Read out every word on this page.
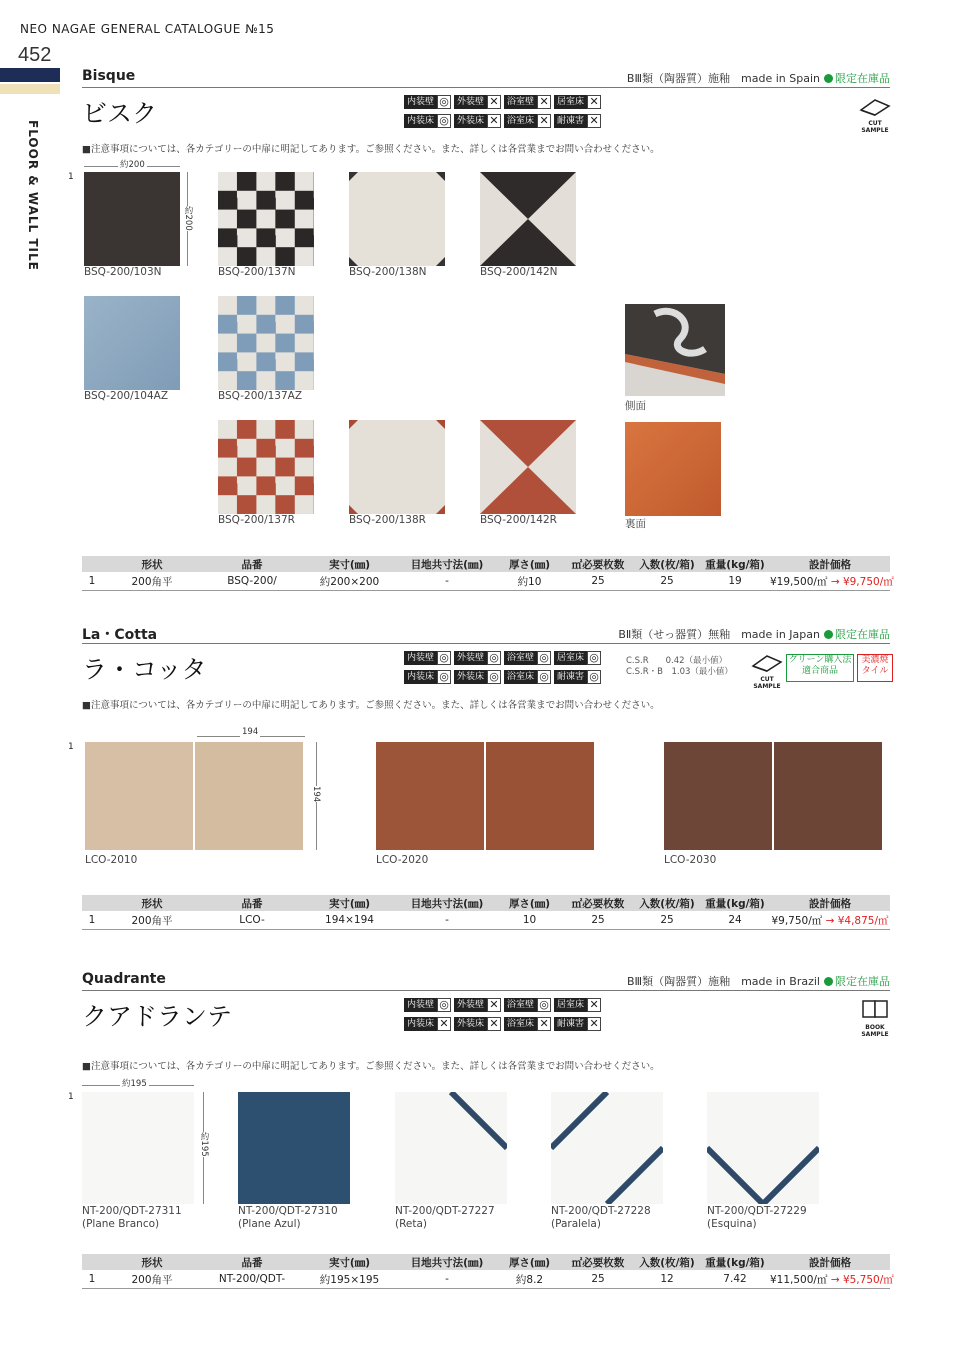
NEO NAGAE GENERAL CATALOGUE №15
452
FLOOR & WALL TILE
Bisque	BⅢ類（陶器質）施釉　made in Spain 限定在庫品
ビスク	内装壁 ◎ 外装壁 ✕ 浴室壁 ✕ 居室床 ✕
内装床 ◎ 外装床 ✕ 浴室床 ✕ 耐凍害 ✕	CUT SAMPLE
■注意事項については、各カテゴリーの中扉に明記してあります。ご参照ください。また、詳しくは各営業までお問い合わせください。
1
約200
約200
BSQ-200/103N	BSQ-200/137N	BSQ-200/138N	BSQ-200/142N
BSQ-200/104AZ	BSQ-200/137AZ
側面
BSQ-200/137R	BSQ-200/138R	BSQ-200/142R	裏面
形状	品番	実寸(㎜)	目地共寸法(㎜)	厚さ(㎜)	㎡必要枚数	入数(枚/箱)	重量(kg/箱)	設計価格
1	200角平	BSQ-200/	約200×200	-	約10	25	25	19	¥19,500/㎡ → ¥9,750/㎡
La・Cotta	BⅡ類（せっ器質）無釉　made in Japan 限定在庫品
ラ・コッタ	内装壁 ◎ 外装壁 ◎ 浴室壁 ◎ 居室床 ◎
内装床 ◎ 外装床 ◎ 浴室床 ◎ 耐凍害 ◎
C.S.R　　0.42（最小値）
C.S.R・B　1.03（最小値）
CUT SAMPLE
グリーン購入法
適合商品
美濃焼
タイル
■注意事項については、各カテゴリーの中扉に明記してあります。ご参照ください。また、詳しくは各営業までお問い合わせください。
1
194
194
LCO-2010	LCO-2020	LCO-2030
形状	品番	実寸(㎜)	目地共寸法(㎜)	厚さ(㎜)	㎡必要枚数	入数(枚/箱)	重量(kg/箱)	設計価格
1	200角平	LCO-	194×194	-	10	25	25	24	¥9,750/㎡ → ¥4,875/㎡
Quadrante	BⅢ類（陶器質）施釉　made in Brazil 限定在庫品
クアドランテ	内装壁 ◎ 外装壁 ✕ 浴室壁 ◎ 居室床 ✕
内装床 ✕ 外装床 ✕ 浴室床 ✕ 耐凍害 ✕	BOOK SAMPLE
■注意事項については、各カテゴリーの中扉に明記してあります。ご参照ください。また、詳しくは各営業までお問い合わせください。
1
約195
約195
NT-200/QDT-27311
(Plane Branco)
NT-200/QDT-27310
(Plane Azul)
NT-200/QDT-27227
(Reta)
NT-200/QDT-27228
(Paralela)
NT-200/QDT-27229
(Esquina)
形状	品番	実寸(㎜)	目地共寸法(㎜)	厚さ(㎜)	㎡必要枚数	入数(枚/箱)	重量(kg/箱)	設計価格
1	200角平	NT-200/QDT-	約195×195	-	約8.2	25	12	7.42	¥11,500/㎡ → ¥5,750/㎡
